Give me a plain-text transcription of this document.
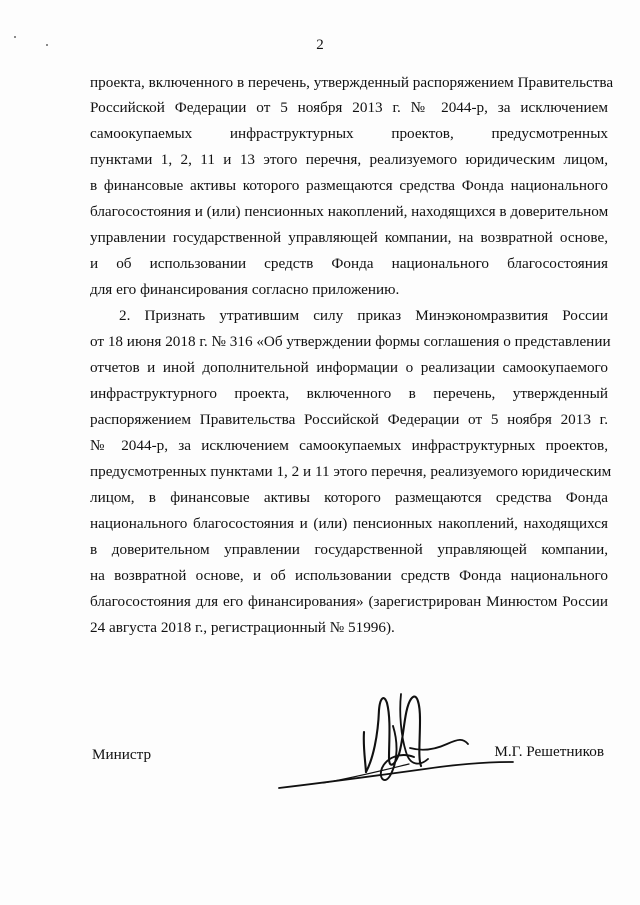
2
проекта, включенного в перечень, утвержденный распоряжением Правительства
Российской Федерации от 5 ноября 2013 г. № 2044-р, за исключением
самоокупаемых инфраструктурных проектов, предусмотренных
пунктами 1, 2, 11 и 13 этого перечня, реализуемого юридическим лицом,
в финансовые активы которого размещаются средства Фонда национального
благосостояния и (или) пенсионных накоплений, находящихся в доверительном
управлении государственной управляющей компании, на возвратной основе,
и об использовании средств Фонда национального благосостояния
для его финансирования согласно приложению.
2. Признать утратившим силу приказ Минэкономразвития России
от 18 июня 2018 г. № 316 «Об утверждении формы соглашения о представлении
отчетов и иной дополнительной информации о реализации самоокупаемого
инфраструктурного проекта, включенного в перечень, утвержденный
распоряжением Правительства Российской Федерации от 5 ноября 2013 г.
№ 2044-р, за исключением самоокупаемых инфраструктурных проектов,
предусмотренных пунктами 1, 2 и 11 этого перечня, реализуемого юридическим
лицом, в финансовые активы которого размещаются средства Фонда
национального благосостояния и (или) пенсионных накоплений, находящихся
в доверительном управлении государственной управляющей компании,
на возвратной основе, и об использовании средств Фонда национального
благосостояния для его финансирования» (зарегистрирован Минюстом России
24 августа 2018 г., регистрационный № 51996).
Министр	М.Г. Решетников
